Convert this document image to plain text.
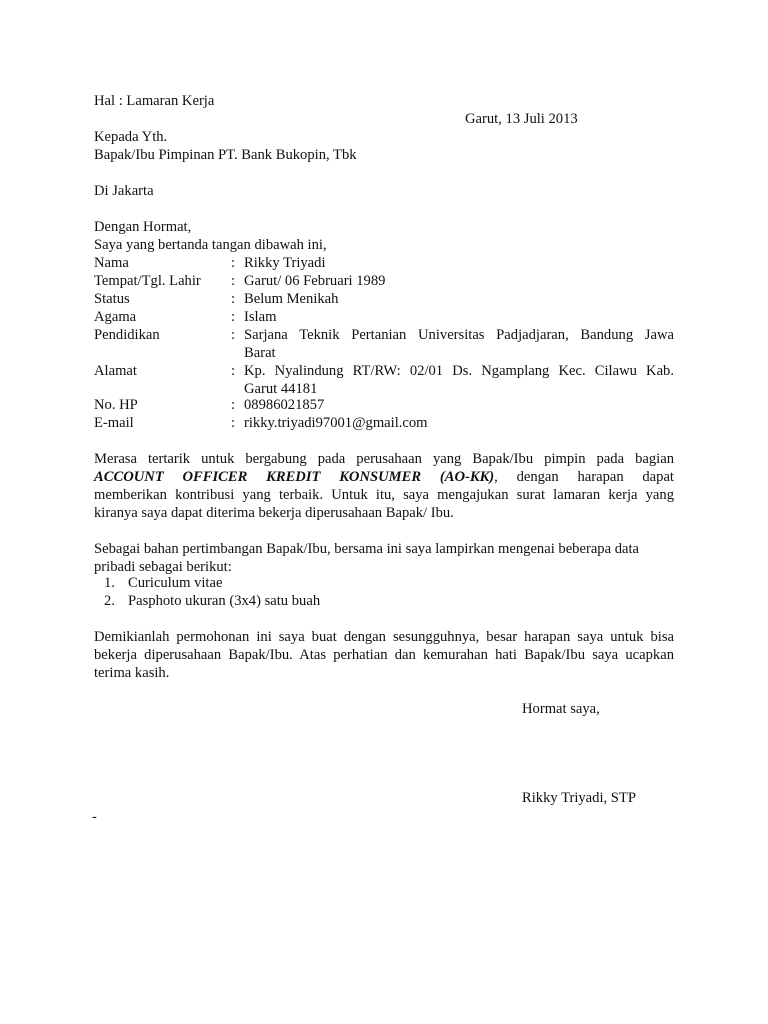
Hal : Lamaran Kerja
Garut, 13 Juli 2013
Kepada Yth.
Bapak/Ibu Pimpinan PT. Bank Bukopin, Tbk
Di Jakarta
Dengan Hormat,
Saya yang bertanda tangan dibawah ini,
Nama	: Rikky Triyadi
Tempat/Tgl. Lahir : Garut/ 06 Februari 1989
Status	: Belum Menikah
Agama	: Islam
Pendidikan	: Sarjana Teknik Pertanian Universitas Padjadjaran, Bandung Jawa
Barat
Alamat	: Kp. Nyalindung RT/RW: 02/01 Ds. Ngamplang Kec. Cilawu Kab.
Garut 44181
No. HP	: 08986021857
E-mail	: rikky.triyadi97001@gmail.com
Merasa tertarik untuk bergabung pada perusahaan yang Bapak/Ibu pimpin pada bagian
ACCOUNT OFFICER KREDIT KONSUMER (AO-KK), dengan harapan dapat
memberikan kontribusi yang terbaik. Untuk itu, saya mengajukan surat lamaran kerja yang
kiranya saya dapat diterima bekerja diperusahaan Bapak/ Ibu.
Sebagai bahan pertimbangan Bapak/Ibu, bersama ini saya lampirkan mengenai beberapa data
pribadi sebagai berikut:
1. Curiculum vitae
2. Pasphoto ukuran (3x4) satu buah
Demikianlah permohonan ini saya buat dengan sesungguhnya, besar harapan saya untuk bisa
bekerja diperusahaan Bapak/Ibu. Atas perhatian dan kemurahan hati Bapak/Ibu saya ucapkan
terima kasih.
Hormat saya,
Rikky Triyadi, STP
-
